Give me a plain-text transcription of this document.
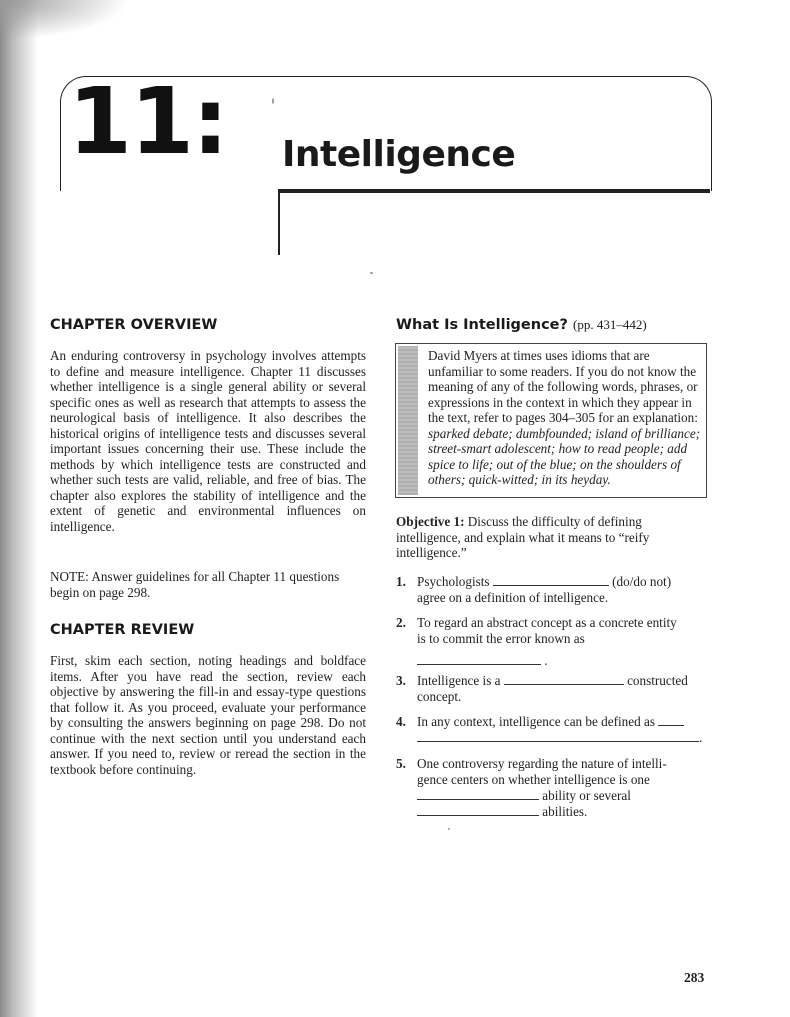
11: Intelligence
CHAPTER OVERVIEW
An enduring controversy in psychology involves attempts to define and measure intelligence. Chapter 11 discusses whether intelligence is a single general ability or several specific ones as well as research that attempts to assess the neurological basis of intelligence. It also describes the historical origins of intelligence tests and discusses several important issues concerning their use. These include the methods by which intelligence tests are constructed and whether such tests are valid, reliable, and free of bias. The chapter also explores the stability of intelligence and the extent of genetic and environmental influences on intelligence.
NOTE: Answer guidelines for all Chapter 11 questions begin on page 298.
CHAPTER REVIEW
First, skim each section, noting headings and boldface items. After you have read the section, review each objective by answering the fill-in and essay-type questions that follow it. As you proceed, evaluate your performance by consulting the answers beginning on page 298. Do not continue with the next section until you understand each answer. If you need to, review or reread the section in the textbook before continuing.
What Is Intelligence? (pp. 431–442)
David Myers at times uses idioms that are unfamiliar to some readers. If you do not know the meaning of any of the following words, phrases, or expressions in the context in which they appear in the text, refer to pages 304–305 for an explanation: sparked debate; dumbfounded; island of brilliance; street-smart adolescent; how to read people; add spice to life; out of the blue; on the shoulders of others; quick-witted; in its heyday.
Objective 1: Discuss the difficulty of defining intelligence, and explain what it means to “reify intelligence.”
1. Psychologists	(do/do not)
agree on a definition of intelligence.
2. To regard an abstract concept as a concrete entity
is to commit the error known as
.
3. Intelligence is a	constructed
concept.
4. In any context, intelligence can be defined as
.
5. One controversy regarding the nature of intelli-
gence centers on whether intelligence is one
ability or several
abilities.
283
